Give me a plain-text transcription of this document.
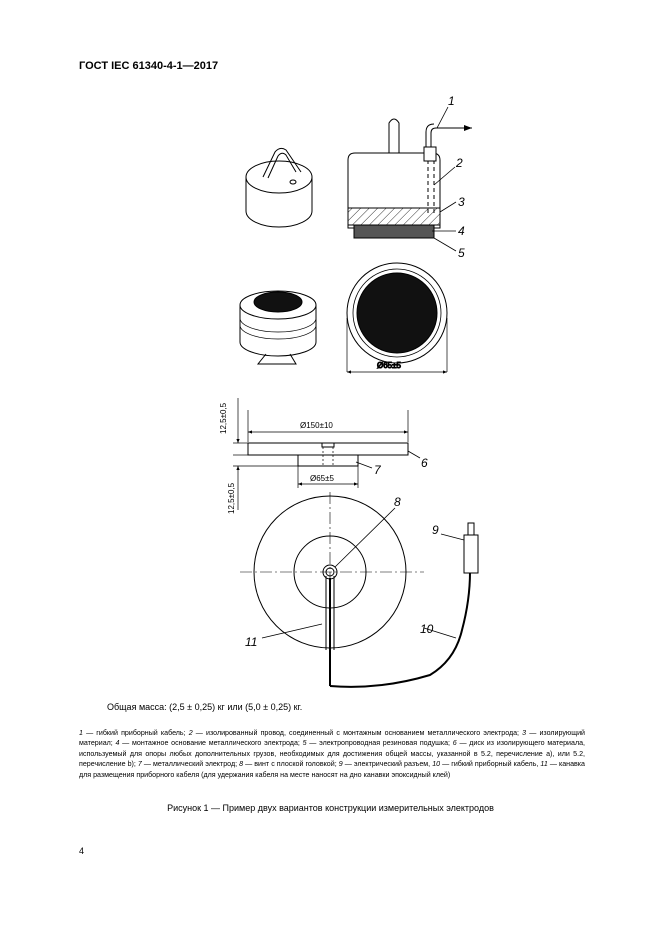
ГОСТ IEC 61340-4-1—2017
1
2
3
4
5
Ø65±5
Ø150±10
Ø65±5
12,5±0,5
12,5±0,5
6
7
8
9
10
11
Общая масса: (2,5 ± 0,25) кг или (5,0 ± 0,25) кг.
1 — гибкий приборный кабель; 2 — изолированный провод, соединенный с монтажным основанием металлического электрода; 3 — изолирующий материал; 4 — монтажное основание металлического электрода; 5 — электропроводная резиновая подушка; 6 — диск из изолирующего материала, используемый для опоры любых дополнительных грузов, необходимых для достижения общей массы, указанной в 5.2, перечисление a), или 5.2, перечисление b); 7 — металлический электрод; 8 — винт с плоской головкой; 9 — электрический разъем, 10 — гибкий приборный кабель, 11 — канавка для размещения приборного кабеля (для удержания кабеля на месте наносят на дно канавки эпоксидный клей)
Рисунок 1 — Пример двух вариантов конструкции измерительных электродов
4
